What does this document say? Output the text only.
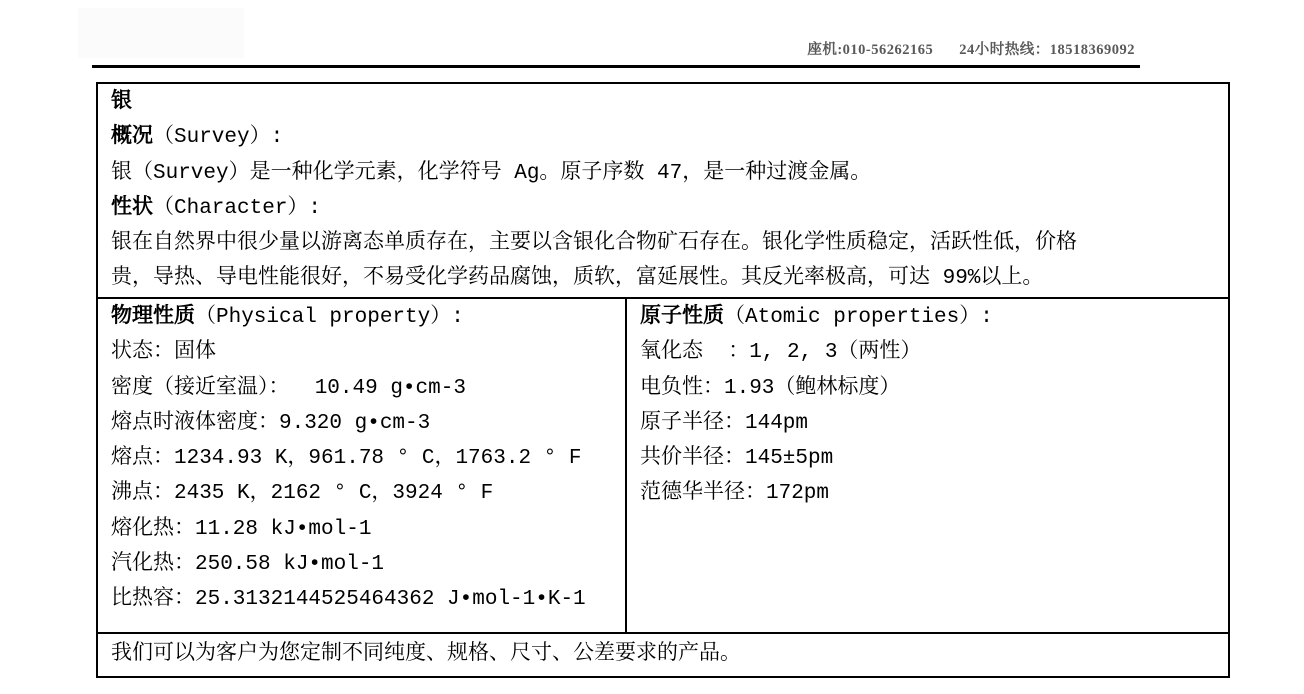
座机:010-56262165 24小时热线：18518369092
银
概况（Survey）:
银（Survey）是一种化学元素，化学符号 Ag。原子序数 47，是一种过渡金属。
性状（Character）:
银在自然界中很少量以游离态单质存在，主要以含银化合物矿石存在。银化学性质稳定，活跃性低，价格
贵，导热、导电性能很好，不易受化学药品腐蚀，质软，富延展性。其反光率极高，可达 99%以上。
物理性质（Physical property）:
状态：固体
密度（接近室温）：  10.49 g•cm-3
熔点时液体密度：9.320 g•cm-3
熔点：1234.93 K，961.78 ° C，1763.2 ° F
沸点：2435 K，2162 ° C，3924 ° F
熔化热：11.28 kJ•mol-1
汽化热：250.58 kJ•mol-1
比热容：25.3132144525464362 J•mol-1•K-1
原子性质（Atomic properties）:
氧化态  ：1, 2, 3（两性）
电负性：1.93（鲍林标度）
原子半径：144pm
共价半径：145±5pm
范德华半径：172pm
我们可以为客户为您定制不同纯度、规格、尺寸、公差要求的产品。
